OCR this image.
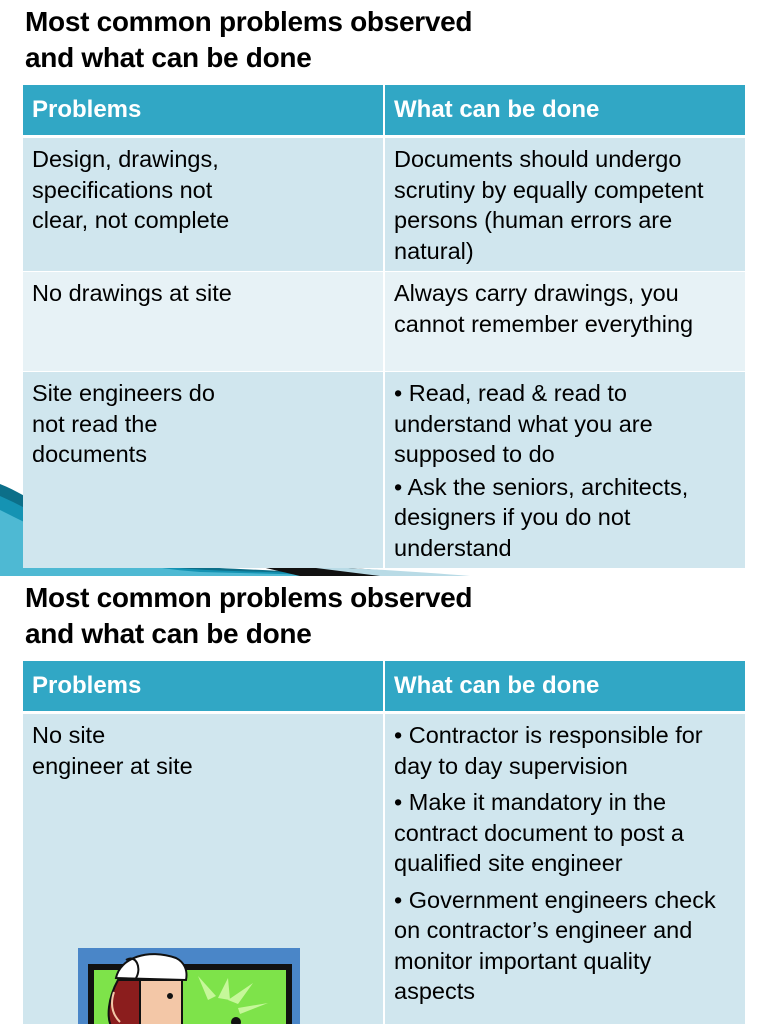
Most common problems observed
and what can be done
Problems	What can be done
Design, drawings,
specifications not
clear, not complete	Documents should undergo scrutiny by equally competent persons (human errors are natural)

No drawings at site	Always carry drawings, you cannot remember everything

Site engineers do
not read the
documents	• Read, read & read to understand what you are supposed to do
• Ask the seniors, architects, designers if you do not understand
Most common problems observed
and what can be done
Problems	What can be done
No site
engineer at site	• Contractor is responsible for day to day supervision
• Make it mandatory in the contract document to post a qualified site engineer
• Government engineers check on contractor’s engineer and monitor important quality aspects
